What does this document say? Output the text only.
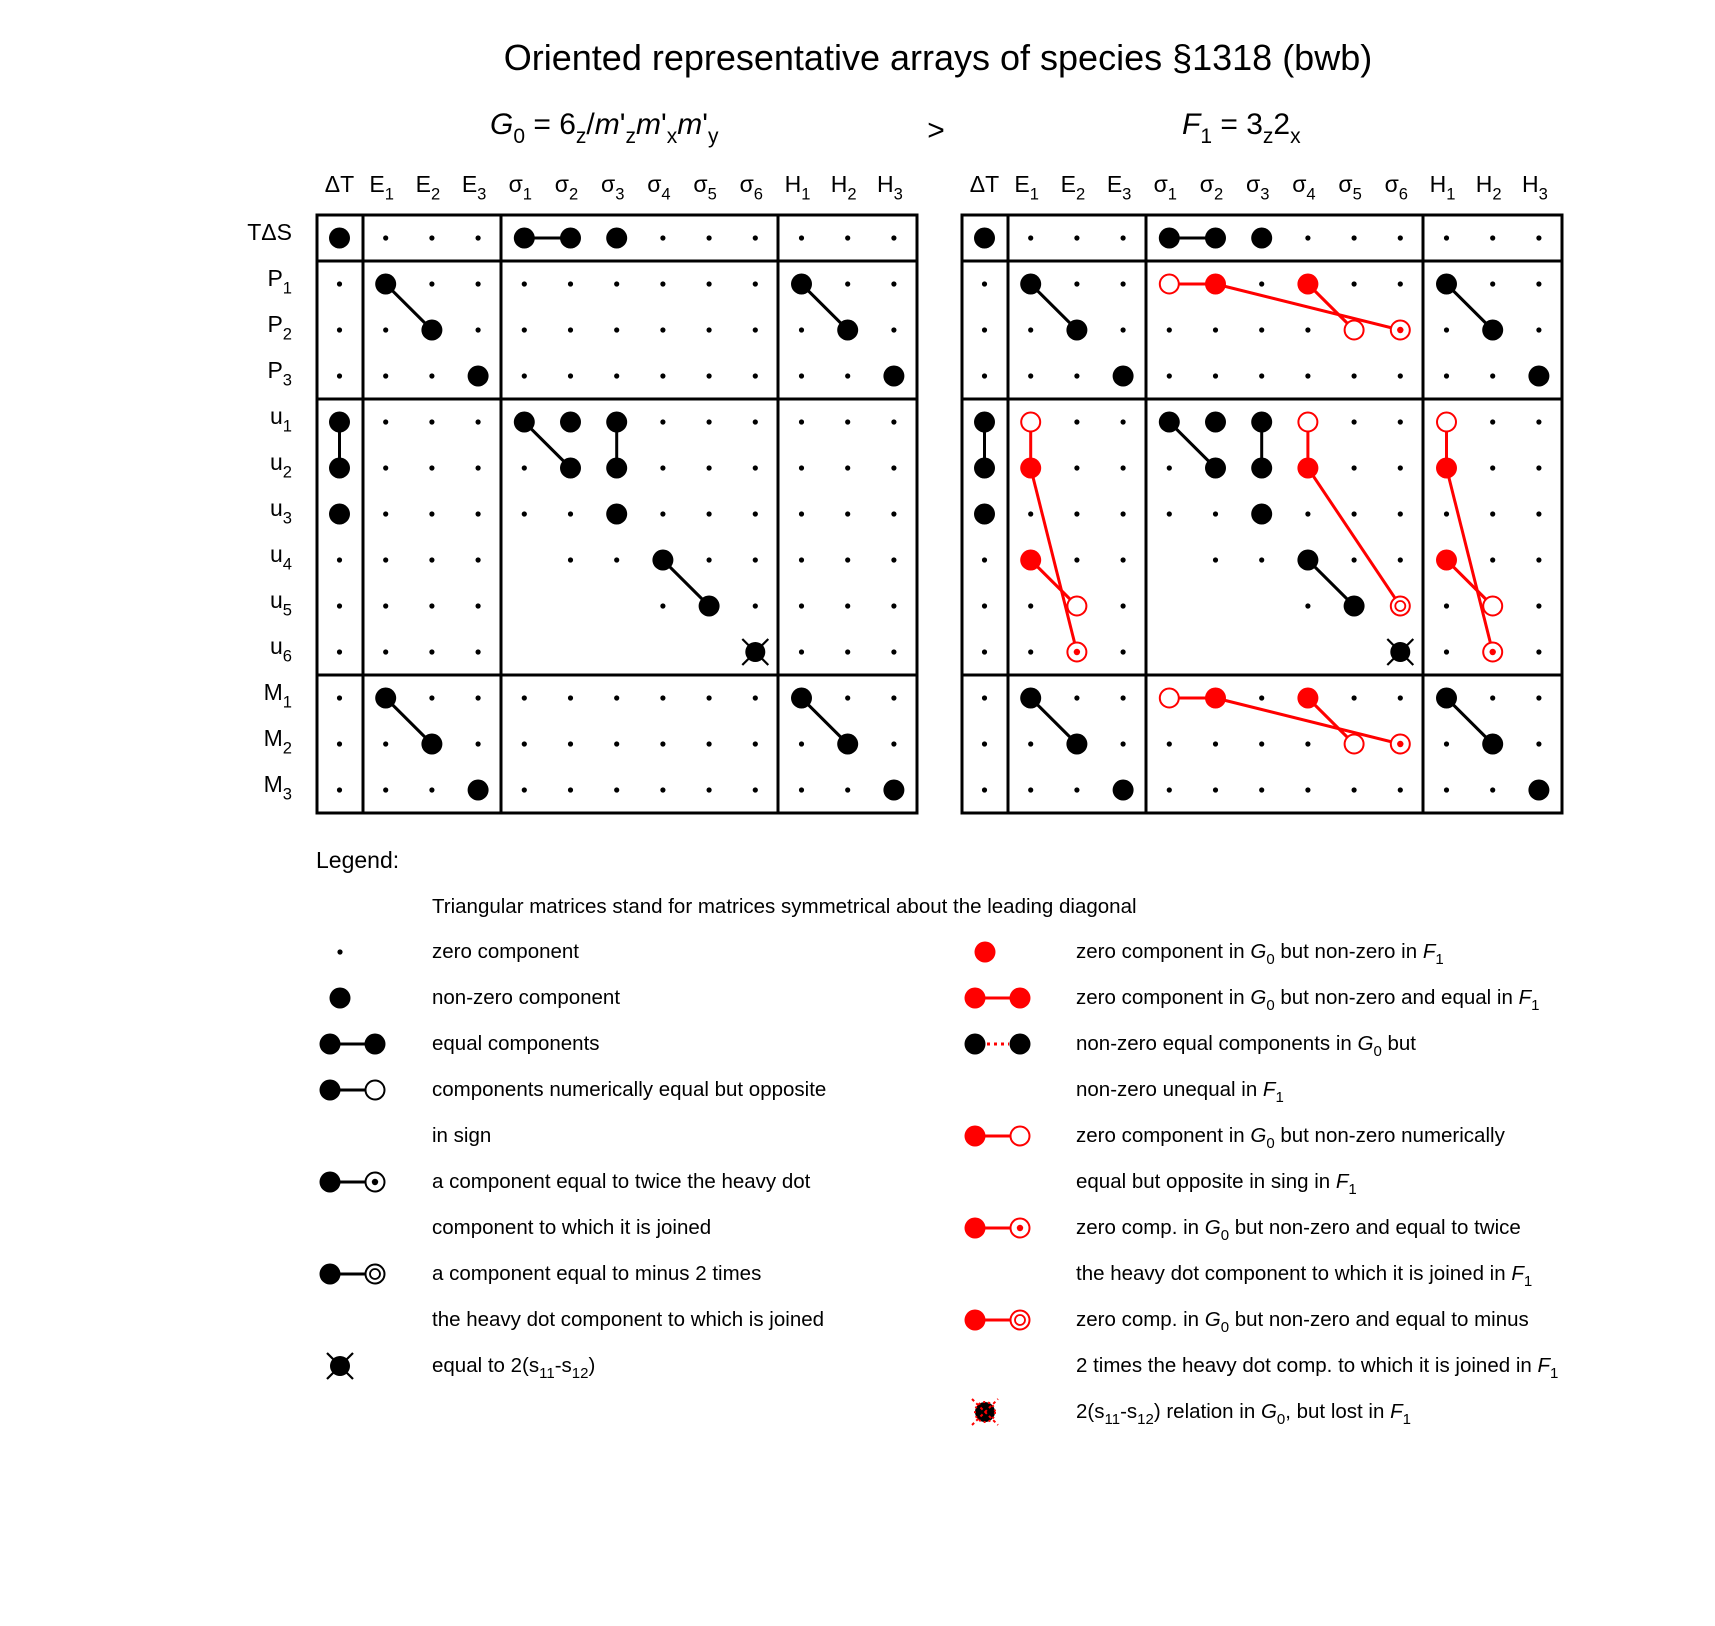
Oriented representative arrays of species §1318 (bwb)
>
$G_0 = 6_z/m'_zm'_xm'_y$	$F_1 = 3_z2_x$
ΔT $E_1$ $E_2$ $E_3$ $\sigma_1$ $\sigma_2$ $\sigma_3$ $\sigma_4$ $\sigma_5$ $\sigma_6$ $H_1$ $H_2$ $H_3$
TΔS
$P_1$
$P_2$
$P_3$
$u_1$
$u_2$
$u_3$
$u_4$
$u_5$
$u_6$
$M_1$
$M_2$
$M_3$
ΔT $E_1$ $E_2$ $E_3$ $\sigma_1$ $\sigma_2$ $\sigma_3$ $\sigma_4$ $\sigma_5$ $\sigma_6$ $H_1$ $H_2$ $H_3$
Legend:
Triangular matrices stand for matrices symmetrical about the leading diagonal
zero component
non-zero component
equal components
components numerically equal but opposite
in sign
a component equal to twice the heavy dot
component to which it is joined
a component equal to minus 2 times
the heavy dot component to which is joined
equal to $2(s_{11}-s_{12})$
zero component in $G_0$ but non-zero in $F_1$
zero component in $G_0$ but non-zero and equal in $F_1$
non-zero equal components in $G_0$ but
non-zero unequal in $F_1$
zero component in $G_0$ but non-zero numerically
equal but opposite in sing in $F_1$
zero comp. in $G_0$ but non-zero and equal to twice
the heavy dot component to which it is joined in $F_1$
zero comp. in $G_0$ but non-zero and equal to minus
2 times the heavy dot comp. to which it is joined in $F_1$
$2(s_{11}-s_{12})$ relation in $G_0$, but lost in $F_1$
